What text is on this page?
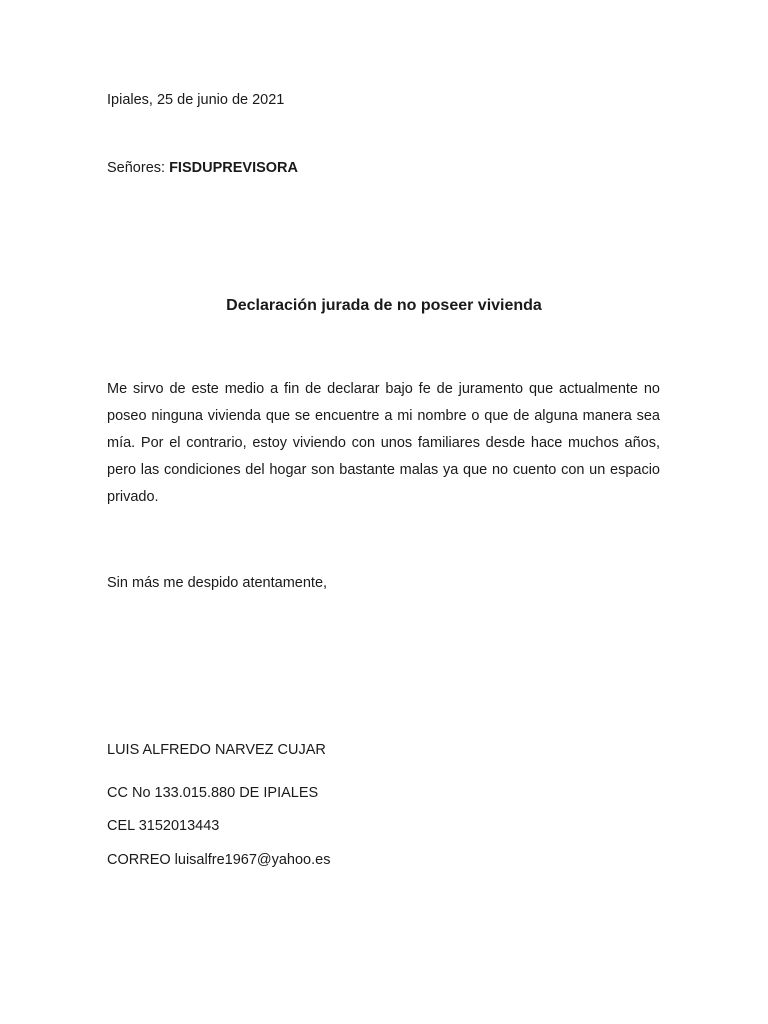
Ipiales, 25 de junio de 2021
Señores: FISDUPREVISORA
Declaración jurada de no poseer vivienda
Me sirvo de este medio a fin de declarar bajo fe de juramento que actualmente no poseo ninguna vivienda que se encuentre a mi nombre o que de alguna manera sea mía. Por el contrario, estoy viviendo con unos familiares desde hace muchos años, pero las condiciones del hogar son bastante malas ya que no cuento con un espacio privado.
Sin más me despido atentamente,
LUIS ALFREDO NARVEZ CUJAR
CC No 133.015.880 DE IPIALES
CEL 3152013443
CORREO luisalfre1967@yahoo.es
